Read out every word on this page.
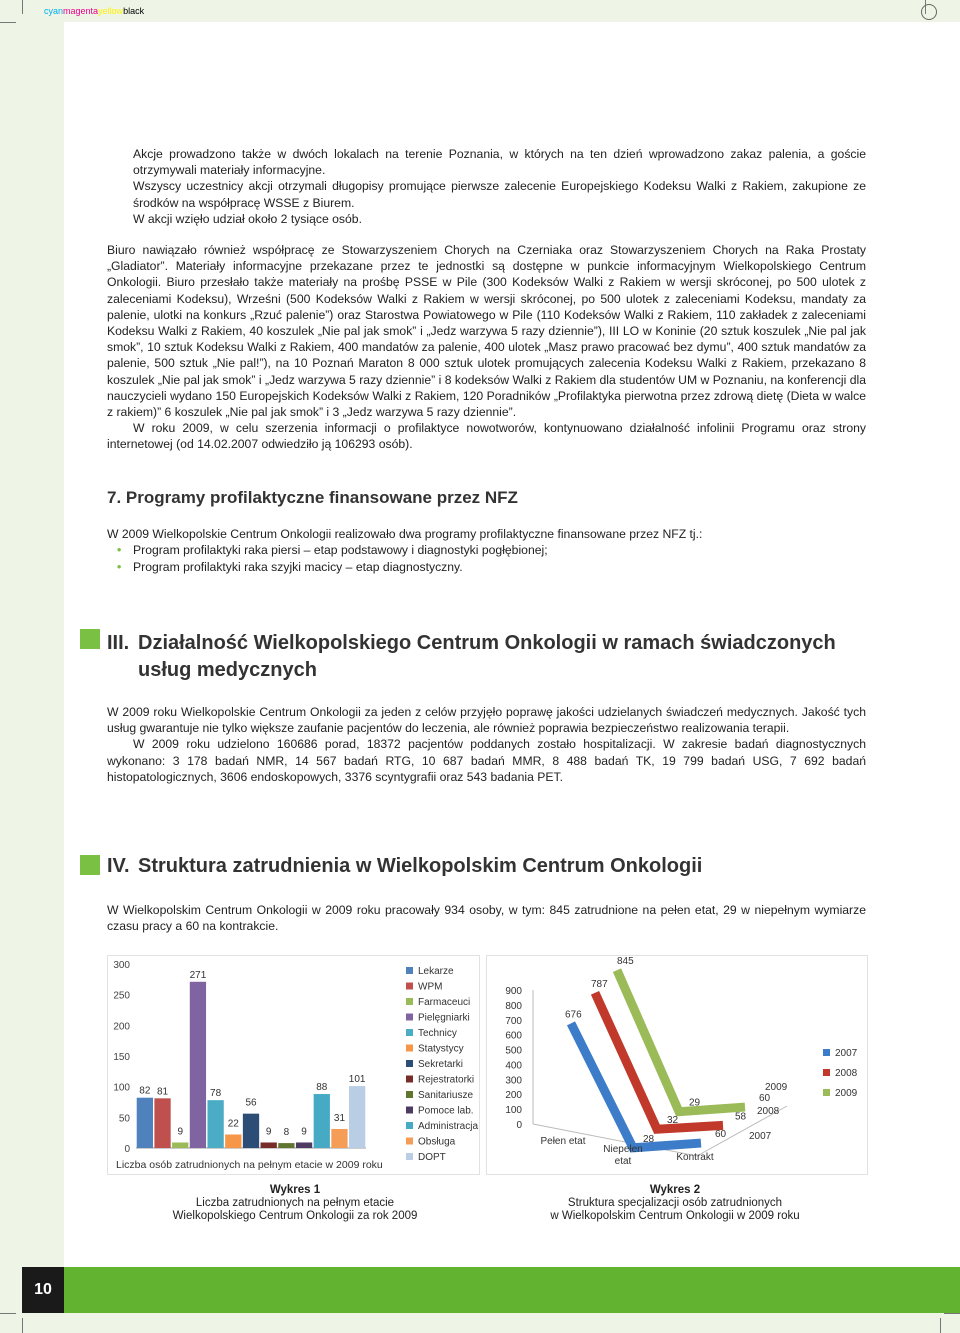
cyanmagentayellowblack

Akcje prowadzono także w dwóch lokalach na terenie Poznania, w których na ten dzień wprowadzono zakaz palenia, a goście otrzymywali materiały informacyjne.

Wszyscy uczestnicy akcji otrzymali długopisy promujące pierwsze zalecenie Europejskiego Kodeksu Walki z Rakiem, zakupione ze środków na współpracę WSSE z Biurem.

W akcji wzięło udział około 2 tysiące osób.

Biuro nawiązało również współpracę ze Stowarzyszeniem Chorych na Czerniaka oraz Stowarzyszeniem Chorych na Raka Prostaty „Gladiator”. Materiały informacyjne przekazane przez te jednostki są dostępne w punkcie informacyjnym Wielkopolskiego Centrum Onkologii. Biuro przesłało także materiały na prośbę PSSE w Pile (300 Kodeksów Walki z Rakiem w wersji skróconej, po 500 ulotek z zaleceniami Kodeksu), Wrześni (500 Kodeksów Walki z Rakiem w wersji skróconej, po 500 ulotek z zaleceniami Kodeksu, mandaty za palenie, ulotki na konkurs „Rzuć palenie”) oraz Starostwa Powiatowego w Pile (110 Kodeksów Walki z Rakiem, 110 zakładek z zaleceniami Kodeksu Walki z Rakiem, 40 koszulek „Nie pal jak smok” i „Jedz warzywa 5 razy dziennie”), III LO w Koninie (20 sztuk koszulek „Nie pal jak smok”, 10 sztuk Kodeksu Walki z Rakiem, 400 mandatów za palenie, 400 ulotek „Masz prawo pracować bez dymu”, 400 sztuk mandatów za palenie, 500 sztuk „Nie pal!”), na 10 Poznań Maraton 8 000 sztuk ulotek promujących zalecenia Kodeksu Walki z Rakiem, przekazano 8 koszulek „Nie pal jak smok” i „Jedz warzywa 5 razy dziennie” i 8 kodeksów Walki z Rakiem dla studentów UM w Poznaniu, na konferencji dla nauczycieli wydano 150 Europejskich Kodeksów Walki z Rakiem, 120 Poradników „Profilaktyka pierwotna przez zdrową dietę (Dieta w walce z rakiem)” 6 koszulek „Nie pal jak smok” i 3 „Jedz warzywa 5 razy dziennie”.

W roku 2009, w celu szerzenia informacji o profilaktyce nowotworów, kontynuowano działalność infolinii Programu oraz strony internetowej (od 14.02.2007 odwiedziło ją 106293 osób).

7. Programy profilaktyczne finansowane przez NFZ
W 2009 Wielkopolskie Centrum Onkologii realizowało dwa programy profilaktyczne finansowane przez NFZ tj.:
• Program profilaktyki raka piersi – etap podstawowy i diagnostyki pogłębionej;
• Program profilaktyki raka szyjki macicy – etap diagnostyczny.
III. Działalność Wielkopolskiego Centrum Onkologii w ramach świadczonych
usług medycznych

W 2009 roku Wielkopolskie Centrum Onkologii za jeden z celów przyjęło poprawę jakości udzielanych świadczeń medycznych. Jakość tych usług gwarantuje nie tylko większe zaufanie pacjentów do leczenia, ale również poprawia bezpieczeństwo realizowania terapii.

W 2009 roku udzielono 160686 porad, 18372 pacjentów poddanych zostało hospitalizacji. W zakresie badań diagnostycznych wykonano: 3 178 badań NMR, 14 567 badań RTG, 10 687 badań MMR, 8 488 badań TK, 19 799 badań USG, 7 692 badań histopatologicznych, 3606 endoskopowych, 3376 scyntygrafii oraz 543 badania PET.

IV. Struktura zatrudnienia w Wielkopolskim Centrum Onkologii
W Wielkopolskim Centrum Onkologii w 2009 roku pracowały 934 osoby, w tym: 845 zatrudnione na pełen etat, 29 w niepełnym wymiarze czasu pracy a 60 na kontrakcie.
0
50
100
150
200
250
300
82 81
9
271
78
22
56
9 8 9
88
31
101
Lekarze
WPM
Farmaceuci
Pielęgniarki
Technicy
Statystycy
Sekretarki
Rejestratorki
Sanitariusze
Pomoce lab.
Administracja
Obsługa
DOPT
Liczba osób zatrudnionych na pełnym etacie w 2009 roku
0
100
200
300
400
500
600
700
800
900
676
28	60
2007
787
32	58
2008
845
29	60	2009
2007
2008
2009
Pełen etat
Niepełen
etat	Kontrakt
Wykres 1
Liczba zatrudnionych na pełnym etacie
Wielkopolskiego Centrum Onkologii za rok 2009
Wykres 2
Struktura specjalizacji osób zatrudnionych
w Wielkopolskim Centrum Onkologii w 2009 roku
10
